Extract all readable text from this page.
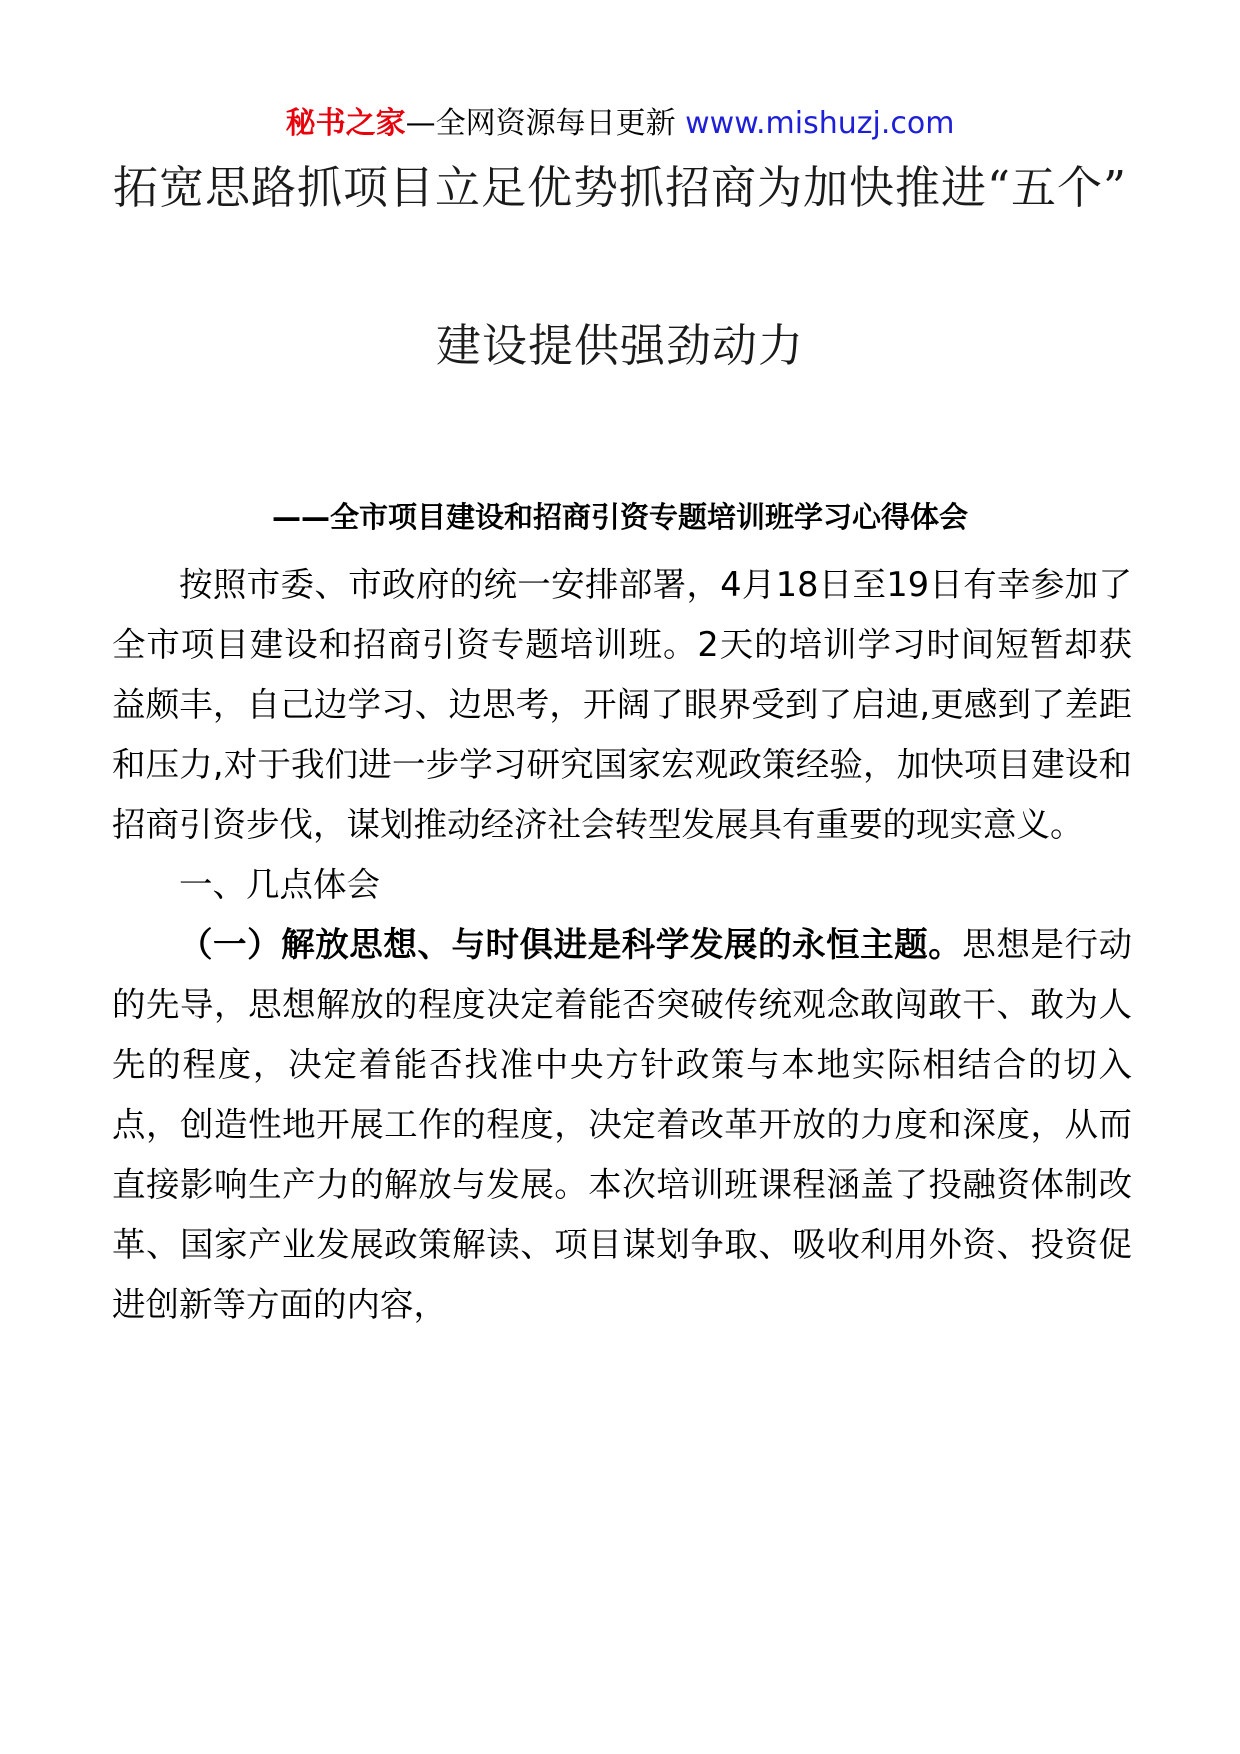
秘书之家—全网资源每日更新 www.mishuzj.com
拓宽思路抓项目立足优势抓招商为加快推进“五个”
建设提供强劲动力
——全市项目建设和招商引资专题培训班学习心得体会

按照市委、市政府的统一安排部署，4月18日至19日有幸参加了全市项目建设和招商引资专题培训班。2天的培训学习时间短暂却获益颇丰，自己边学习、边思考，开阔了眼界受到了启迪,更感到了差距和压力,对于我们进一步学习研究国家宏观政策经验，加快项目建设和招商引资步伐，谋划推动经济社会转型发展具有重要的现实意义。

一、几点体会

（一）解放思想、与时俱进是科学发展的永恒主题。思想是行动的先导，思想解放的程度决定着能否突破传统观念敢闯敢干、敢为人先的程度，决定着能否找准中央方针政策与本地实际相结合的切入点，创造性地开展工作的程度，决定着改革开放的力度和深度，从而直接影响生产力的解放与发展。本次培训班课程涵盖了投融资体制改革、国家产业发展政策解读、项目谋划争取、吸收利用外资、投资促进创新等方面的内容，
